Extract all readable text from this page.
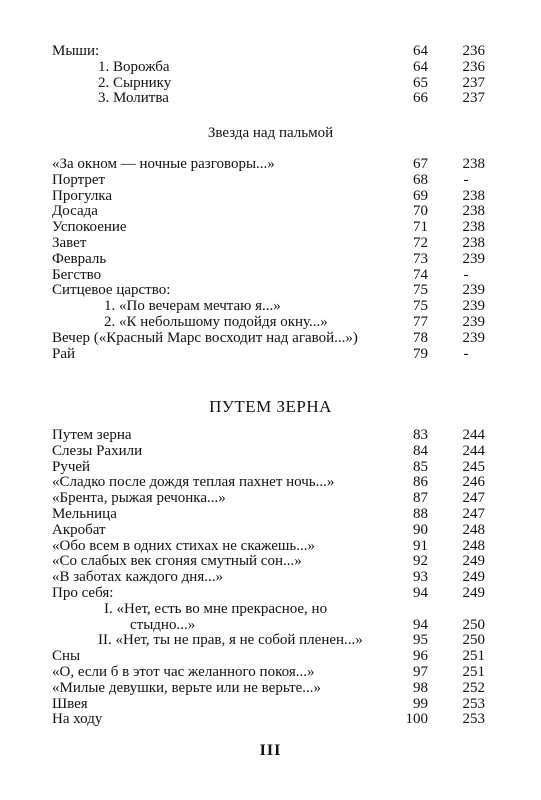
Мыши:	64	236
1. Ворожба	64	236
2. Сырнику	65	237
3. Молитва	66	237
Звезда над пальмой
«За окном — ночные разговоры...»	67	238
Портрет	68	-
Прогулка	69	238
Досада	70	238
Успокоение	71	238
Завет	72	238
Февраль	73	239
Бегство	74	-
Ситцевое царство:	75	239
1. «По вечерам мечтаю я...»	75	239
2. «К небольшому подойдя окну...»	77	239
Вечер («Красный Марс восходит над агавой...»)	78	239
Рай	79	-
ПУТЕМ ЗЕРНА
Путем зерна	83	244
Слезы Рахили	84	244
Ручей	85	245
«Сладко после дождя теплая пахнет ночь...»	86	246
«Брента, рыжая речонка...»	87	247
Мельница	88	247
Акробат	90	248
«Обо всем в одних стихах не скажешь...»	91	248
«Со слабых век сгоняя смутный сон...»	92	249
«В заботах каждого дня...»	93	249
Про себя:	94	249
I. «Нет, есть во мне прекрасное, но
стыдно...»	94	250
II. «Нет, ты не прав, я не собой пленен...»	95	250
Сны	96	251
«О, если б в этот час желанного покоя...»	97	251
«Милые девушки, верьте или не верьте...»	98	252
Швея	99	253
На ходу	100	253
III
